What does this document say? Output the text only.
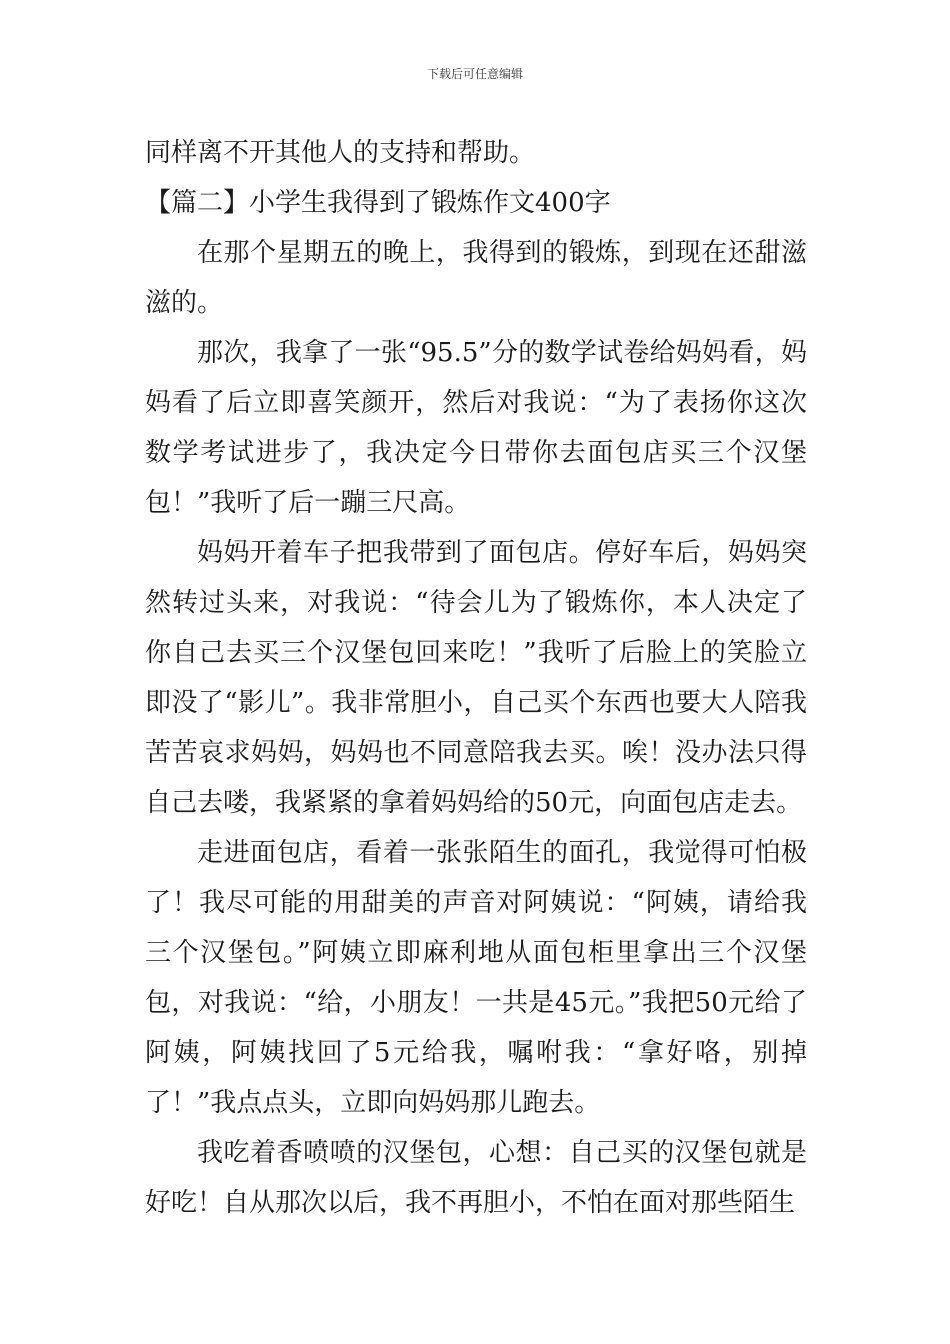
下载后可任意编辑

同样离不开其他人的支持和帮助。

【篇二】小学生我得到了锻炼作文400字

在那个星期五的晚上，我得到的锻炼，到现在还甜滋滋的。

那次，我拿了一张“95.5”分的数学试卷给妈妈看，妈妈看了后立即喜笑颜开，然后对我说：“为了表扬你这次数学考试进步了，我决定今日带你去面包店买三个汉堡包！”我听了后一蹦三尺高。

妈妈开着车子把我带到了面包店。停好车后，妈妈突然转过头来，对我说：“待会儿为了锻炼你，本人决定了你自己去买三个汉堡包回来吃！”我听了后脸上的笑脸立即没了“影儿”。我非常胆小，自己买个东西也要大人陪我苦苦哀求妈妈，妈妈也不同意陪我去买。唉！没办法只得自己去喽，我紧紧的拿着妈妈给的50元，向面包店走去。

走进面包店，看着一张张陌生的面孔，我觉得可怕极了！我尽可能的用甜美的声音对阿姨说：“阿姨，请给我三个汉堡包。”阿姨立即麻利地从面包柜里拿出三个汉堡包，对我说：“给，小朋友！一共是45元。”我把50元给了阿姨，阿姨找回了5元给我，嘱咐我：“拿好咯，别掉了！”我点点头，立即向妈妈那儿跑去。

我吃着香喷喷的汉堡包，心想：自己买的汉堡包就是好吃！自从那次以后，我不再胆小，不怕在面对那些陌生
